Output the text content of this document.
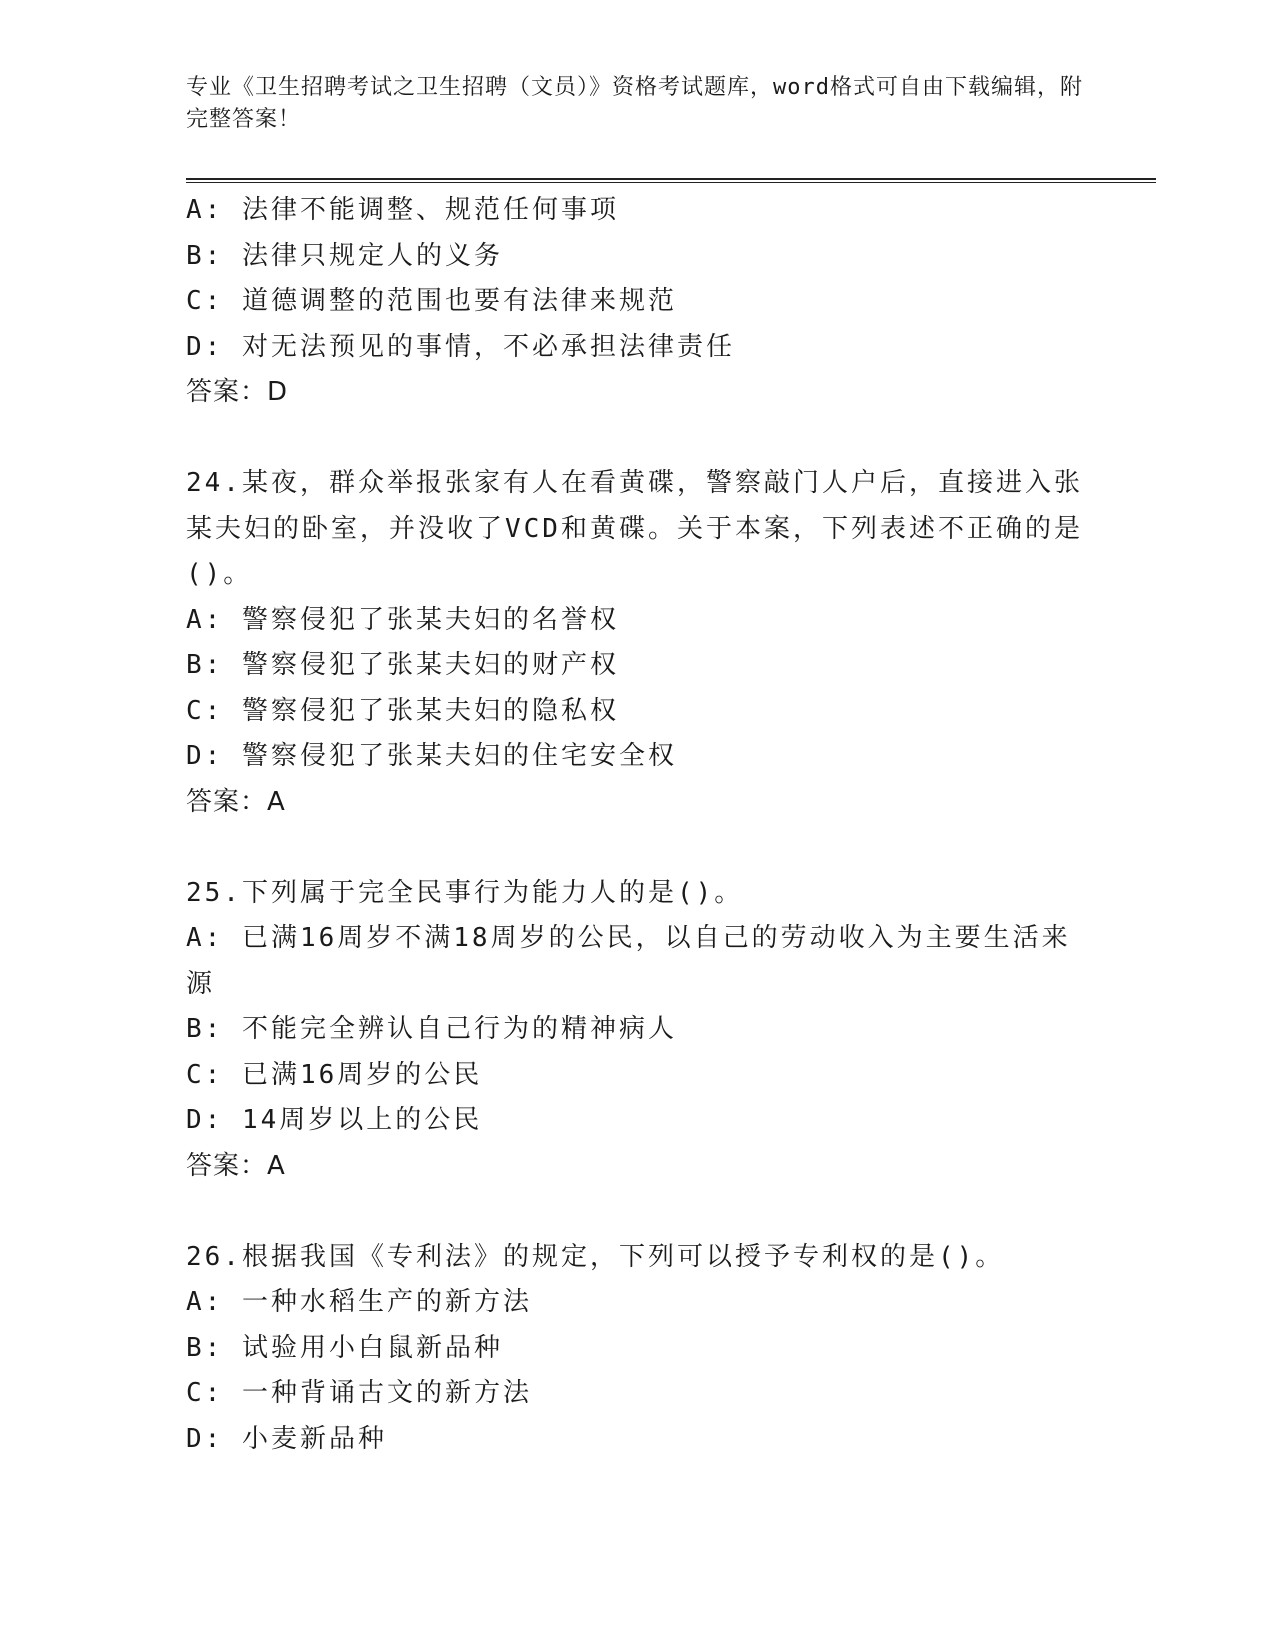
专业《卫生招聘考试之卫生招聘（文员）》资格考试题库，word格式可自由下载编辑，附完整答案！
A: 法律不能调整、规范任何事项
B: 法律只规定人的义务
C: 道德调整的范围也要有法律来规范
D: 对无法预见的事情，不必承担法律责任
答案：D
24.某夜，群众举报张家有人在看黄碟，警察敲门人户后，直接进入张某夫妇的卧室，并没收了VCD和黄碟。关于本案，下列表述不正确的是()。
A: 警察侵犯了张某夫妇的名誉权
B: 警察侵犯了张某夫妇的财产权
C: 警察侵犯了张某夫妇的隐私权
D: 警察侵犯了张某夫妇的住宅安全权
答案：A
25.下列属于完全民事行为能力人的是()。
A: 已满16周岁不满18周岁的公民，以自己的劳动收入为主要生活来源
B: 不能完全辨认自己行为的精神病人
C: 已满16周岁的公民
D: 14周岁以上的公民
答案：A
26.根据我国《专利法》的规定，下列可以授予专利权的是()。
A: 一种水稻生产的新方法
B: 试验用小白鼠新品种
C: 一种背诵古文的新方法
D: 小麦新品种
